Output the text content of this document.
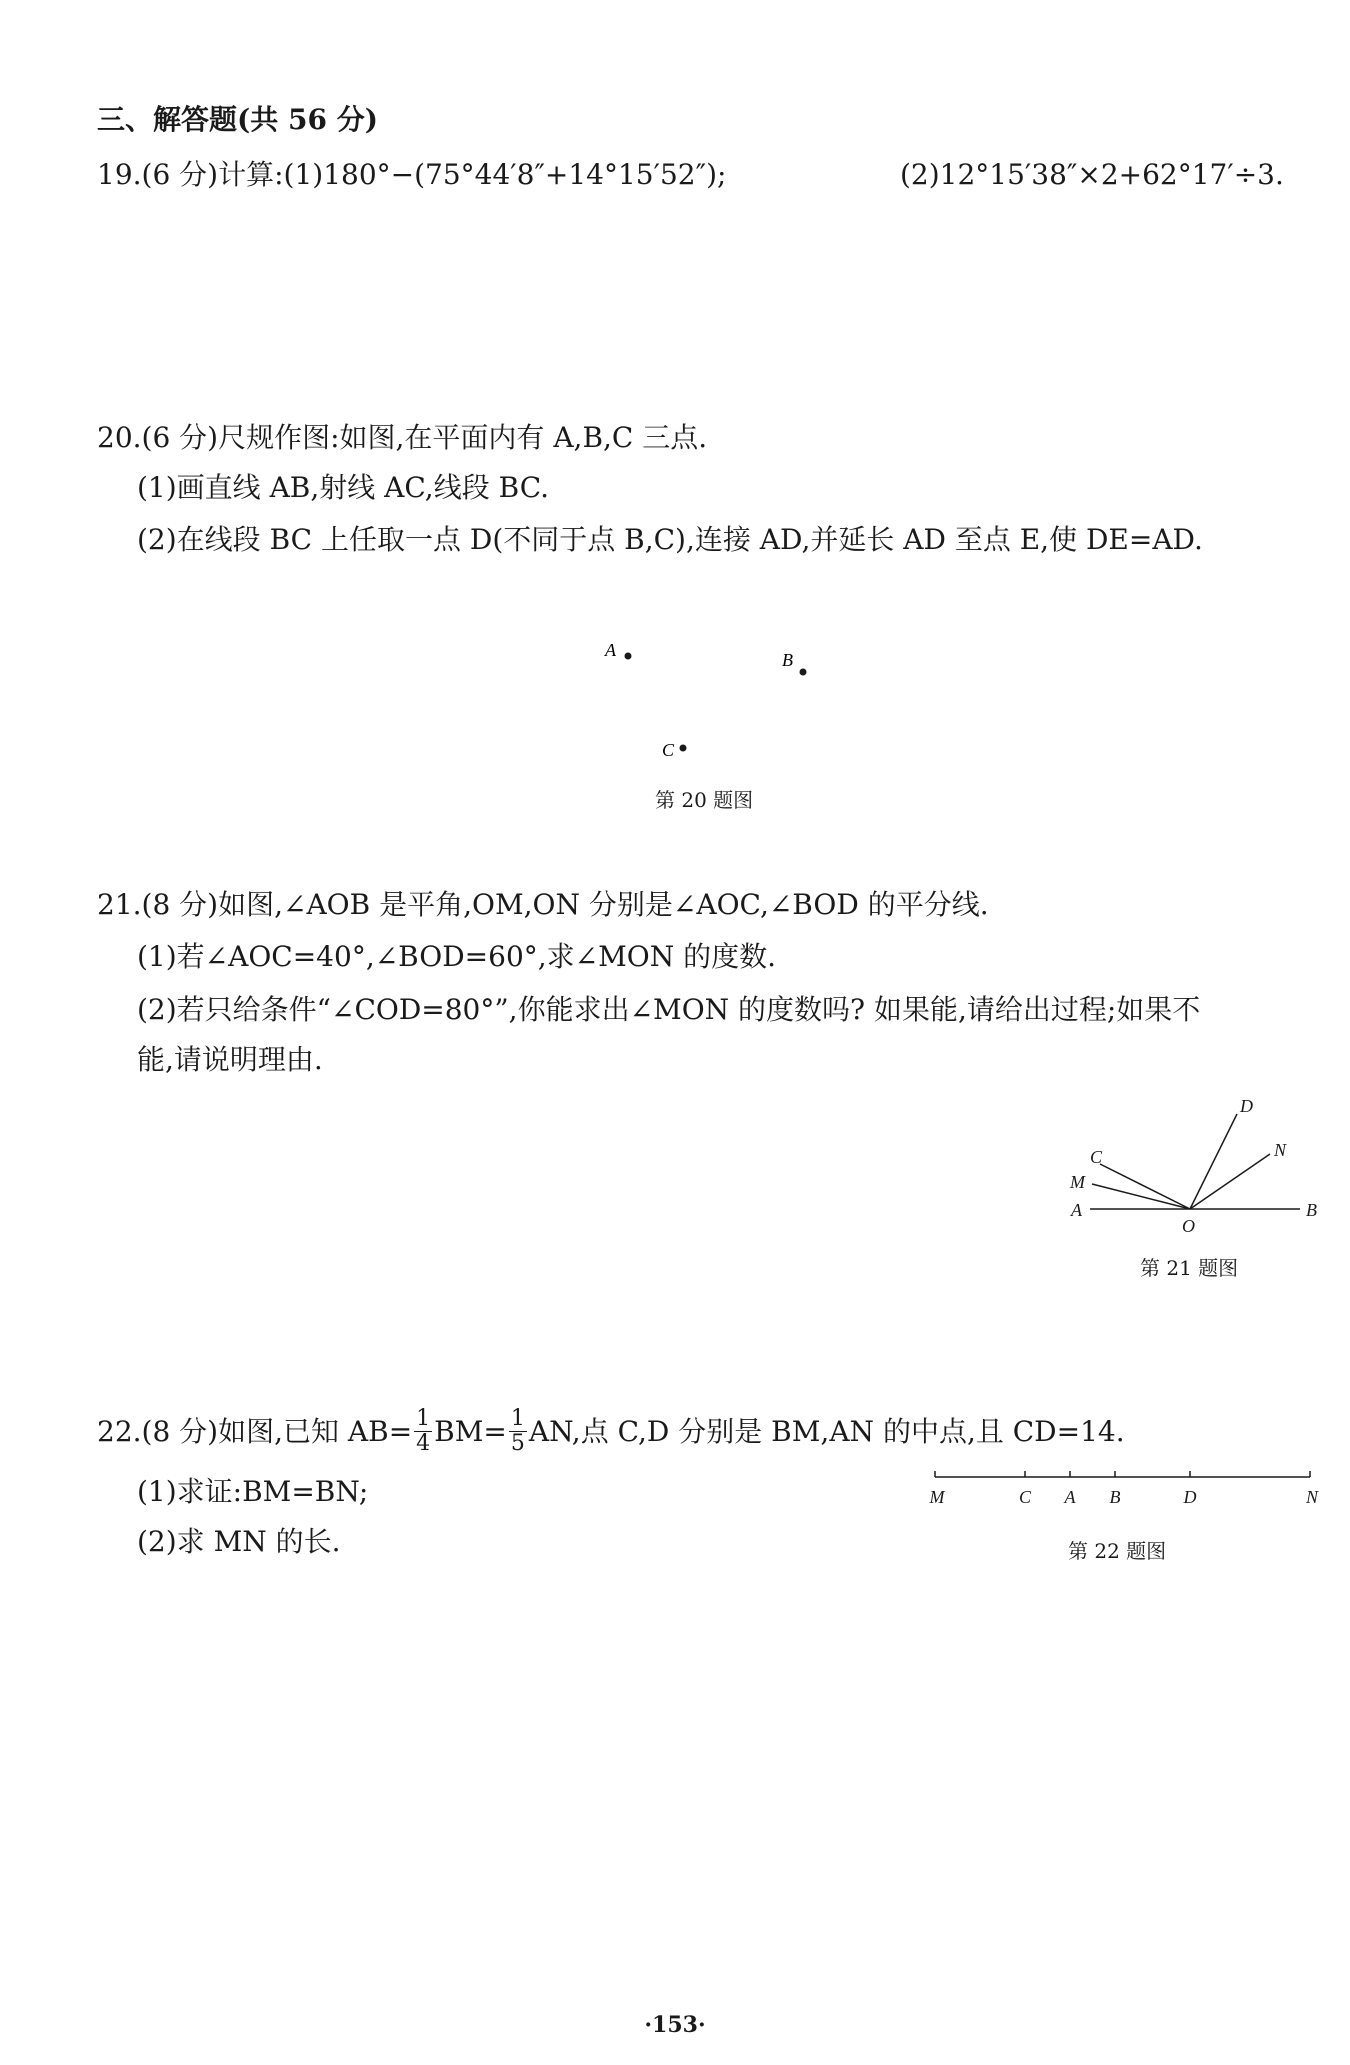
三、解答题(共 56 分)
19.(6 分)计算:(1)180°−(75°44′8″+14°15′52″);	(2)12°15′38″×2+62°17′÷3.
20.(6 分)尺规作图:如图,在平面内有 A,B,C 三点.
(1)画直线 AB,射线 AC,线段 BC.
(2)在线段 BC 上任取一点 D(不同于点 B,C),连接 AD,并延长 AD 至点 E,使 DE=AD.
A	B
C
第 20 题图
21.(8 分)如图,∠AOB 是平角,OM,ON 分别是∠AOC,∠BOD 的平分线.
(1)若∠AOC=40°,∠BOD=60°,求∠MON 的度数.
(2)若只给条件“∠COD=80°”,你能求出∠MON 的度数吗? 如果能,请给出过程;如果不
能,请说明理由.
C
M
A
O
D
N
B
第 21 题图
22.(8 分)如图,已知 $AB= \frac{1}{4} BM= \frac{1}{5}$ AN,点 C,D 分别是 BM,AN 的中点,且 CD=14.
(1)求证:BM=BN;
(2)求 MN 的长.
M	C A B	D	N
第 22 题图
·153·
